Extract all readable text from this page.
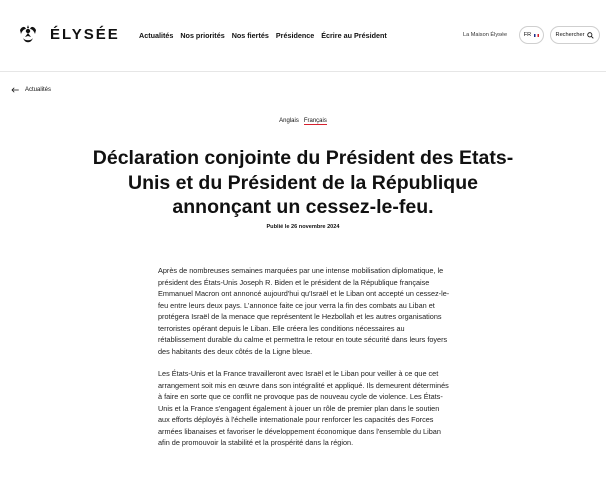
ÉLYSÉE	Actualités Nos priorités Nos fiertés Présidence Écrire au Président	La Maison Élysée	FR	Rechercher
Actualités
Anglais Français
Déclaration conjointe du Président des Etats-Unis et du Président de la République annonçant un cessez-le-feu.
Publié le 26 novembre 2024

Après de nombreuses semaines marquées par une intense mobilisation diplomatique, le président des États-Unis Joseph R. Biden et le président de la République française Emmanuel Macron ont annoncé aujourd'hui qu'Israël et le Liban ont accepté un cessez-le-feu entre leurs deux pays. L'annonce faite ce jour verra la fin des combats au Liban et protégera Israël de la menace que représentent le Hezbollah et les autres organisations terroristes opérant depuis le Liban. Elle créera les conditions nécessaires au rétablissement durable du calme et permettra le retour en toute sécurité dans leurs foyers des habitants des deux côtés de la Ligne bleue.

Les États-Unis et la France travailleront avec Israël et le Liban pour veiller à ce que cet arrangement soit mis en œuvre dans son intégralité et appliqué. Ils demeurent déterminés à faire en sorte que ce conflit ne provoque pas de nouveau cycle de violence. Les États-Unis et la France s'engagent également à jouer un rôle de premier plan dans le soutien aux efforts déployés à l'échelle internationale pour renforcer les capacités des Forces armées libanaises et favoriser le développement économique dans l'ensemble du Liban afin de promouvoir la stabilité et la prospérité dans la région.
